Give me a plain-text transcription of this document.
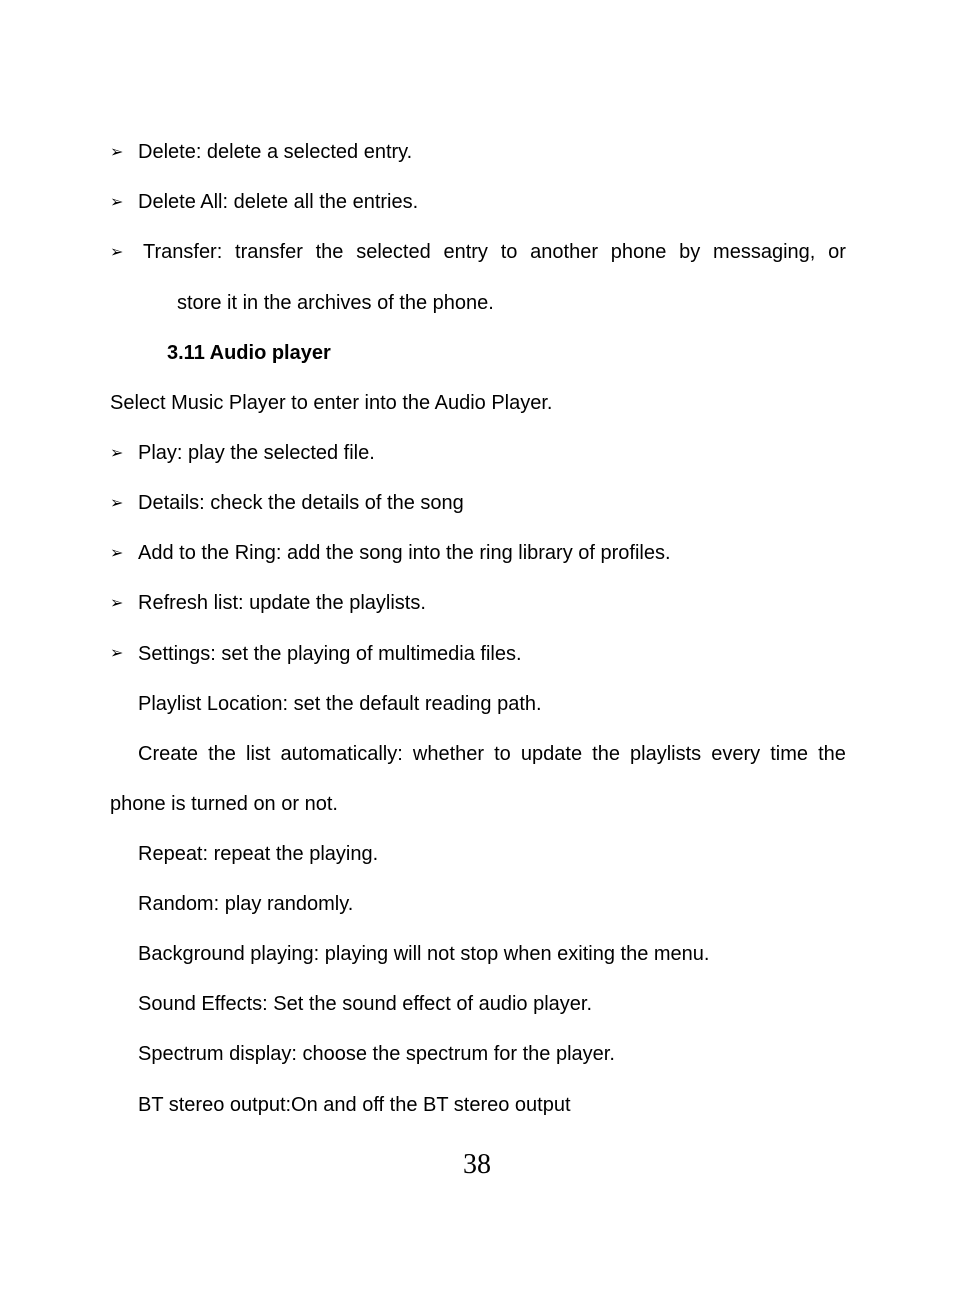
➢ Delete: delete a selected entry.
➢ Delete All: delete all the entries.
➢ Transfer: transfer the selected entry to another phone by messaging, or
store it in the archives of the phone.
3.11 Audio player
Select Music Player to enter into the Audio Player.
➢ Play: play the selected file.
➢ Details: check the details of the song
➢ Add to the Ring: add the song into the ring library of profiles.
➢ Refresh list: update the playlists.
➢ Settings: set the playing of multimedia files.
Playlist Location: set the default reading path.
Create the list automatically: whether to update the playlists every time the
phone is turned on or not.
Repeat: repeat the playing.
Random: play randomly.
Background playing: playing will not stop when exiting the menu.
Sound Effects: Set the sound effect of audio player.
Spectrum display: choose the spectrum for the player.
BT stereo output:On and off the BT stereo output
38
